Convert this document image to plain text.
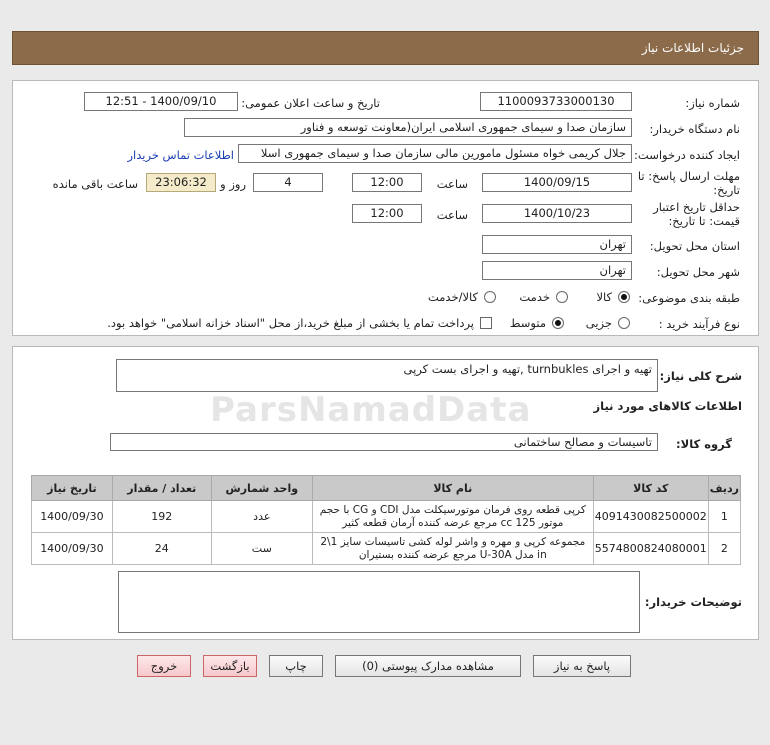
جزئیات اطلاعات نیاز
شماره نیاز:
1100093733000130
تاریخ و ساعت اعلان عمومی:
1400/09/10 - 12:51
نام دستگاه خریدار:
سازمان صدا و سیمای جمهوری اسلامی ایران(معاونت توسعه و فناور
ایجاد کننده درخواست:
جلال کریمی خواه مسئول مامورین مالی سازمان صدا و سیمای جمهوری اسلا
اطلاعات تماس خریدار
مهلت ارسال پاسخ: تا
تاریخ:
1400/09/15
ساعت
12:00
4
روز و
23:06:32
ساعت باقی مانده
حداقل تاریخ اعتبار
قیمت: تا تاریخ:
1400/10/23
ساعت
12:00
استان محل تحویل:
تهران
شهر محل تحویل:
تهران
طبقه بندی موضوعی:
کالا
خدمت
کالا/خدمت
نوع فرآیند خرید :
جزیی
متوسط
پرداخت تمام یا بخشی از مبلغ خرید،از محل "اسناد خزانه اسلامی" خواهد بود.
شرح کلی نیاز:
تهیه و اجرای turnbukles ,تهیه و اجرای بست کرپی
اطلاعات کالاهای مورد نیاز
گروه کالا:
تاسیسات و مصالح ساختمانی
ردیف	کد کالا	نام کالا	واحد شمارش	تعداد / مقدار	تاریخ نیاز
1	4091430082500002	کرپی قطعه روی فرمان موتورسیکلت مدل CDI و CG با حجم موتور 125 cc مرجع عرضه کننده آرمان قطعه کثیر	عدد	192	1400/09/30
2	5574800824080001	مجموعه کرپی و مهره و واشر لوله کشی تاسیسات سایز 1\2 in مدل U-30A مرجع عرضه کننده بستیران	ست	24	1400/09/30
توضیحات خریدار:
ParsNamadData
پاسخ به نیاز
مشاهده مدارک پیوستی (0)
چاپ
بازگشت
خروج
